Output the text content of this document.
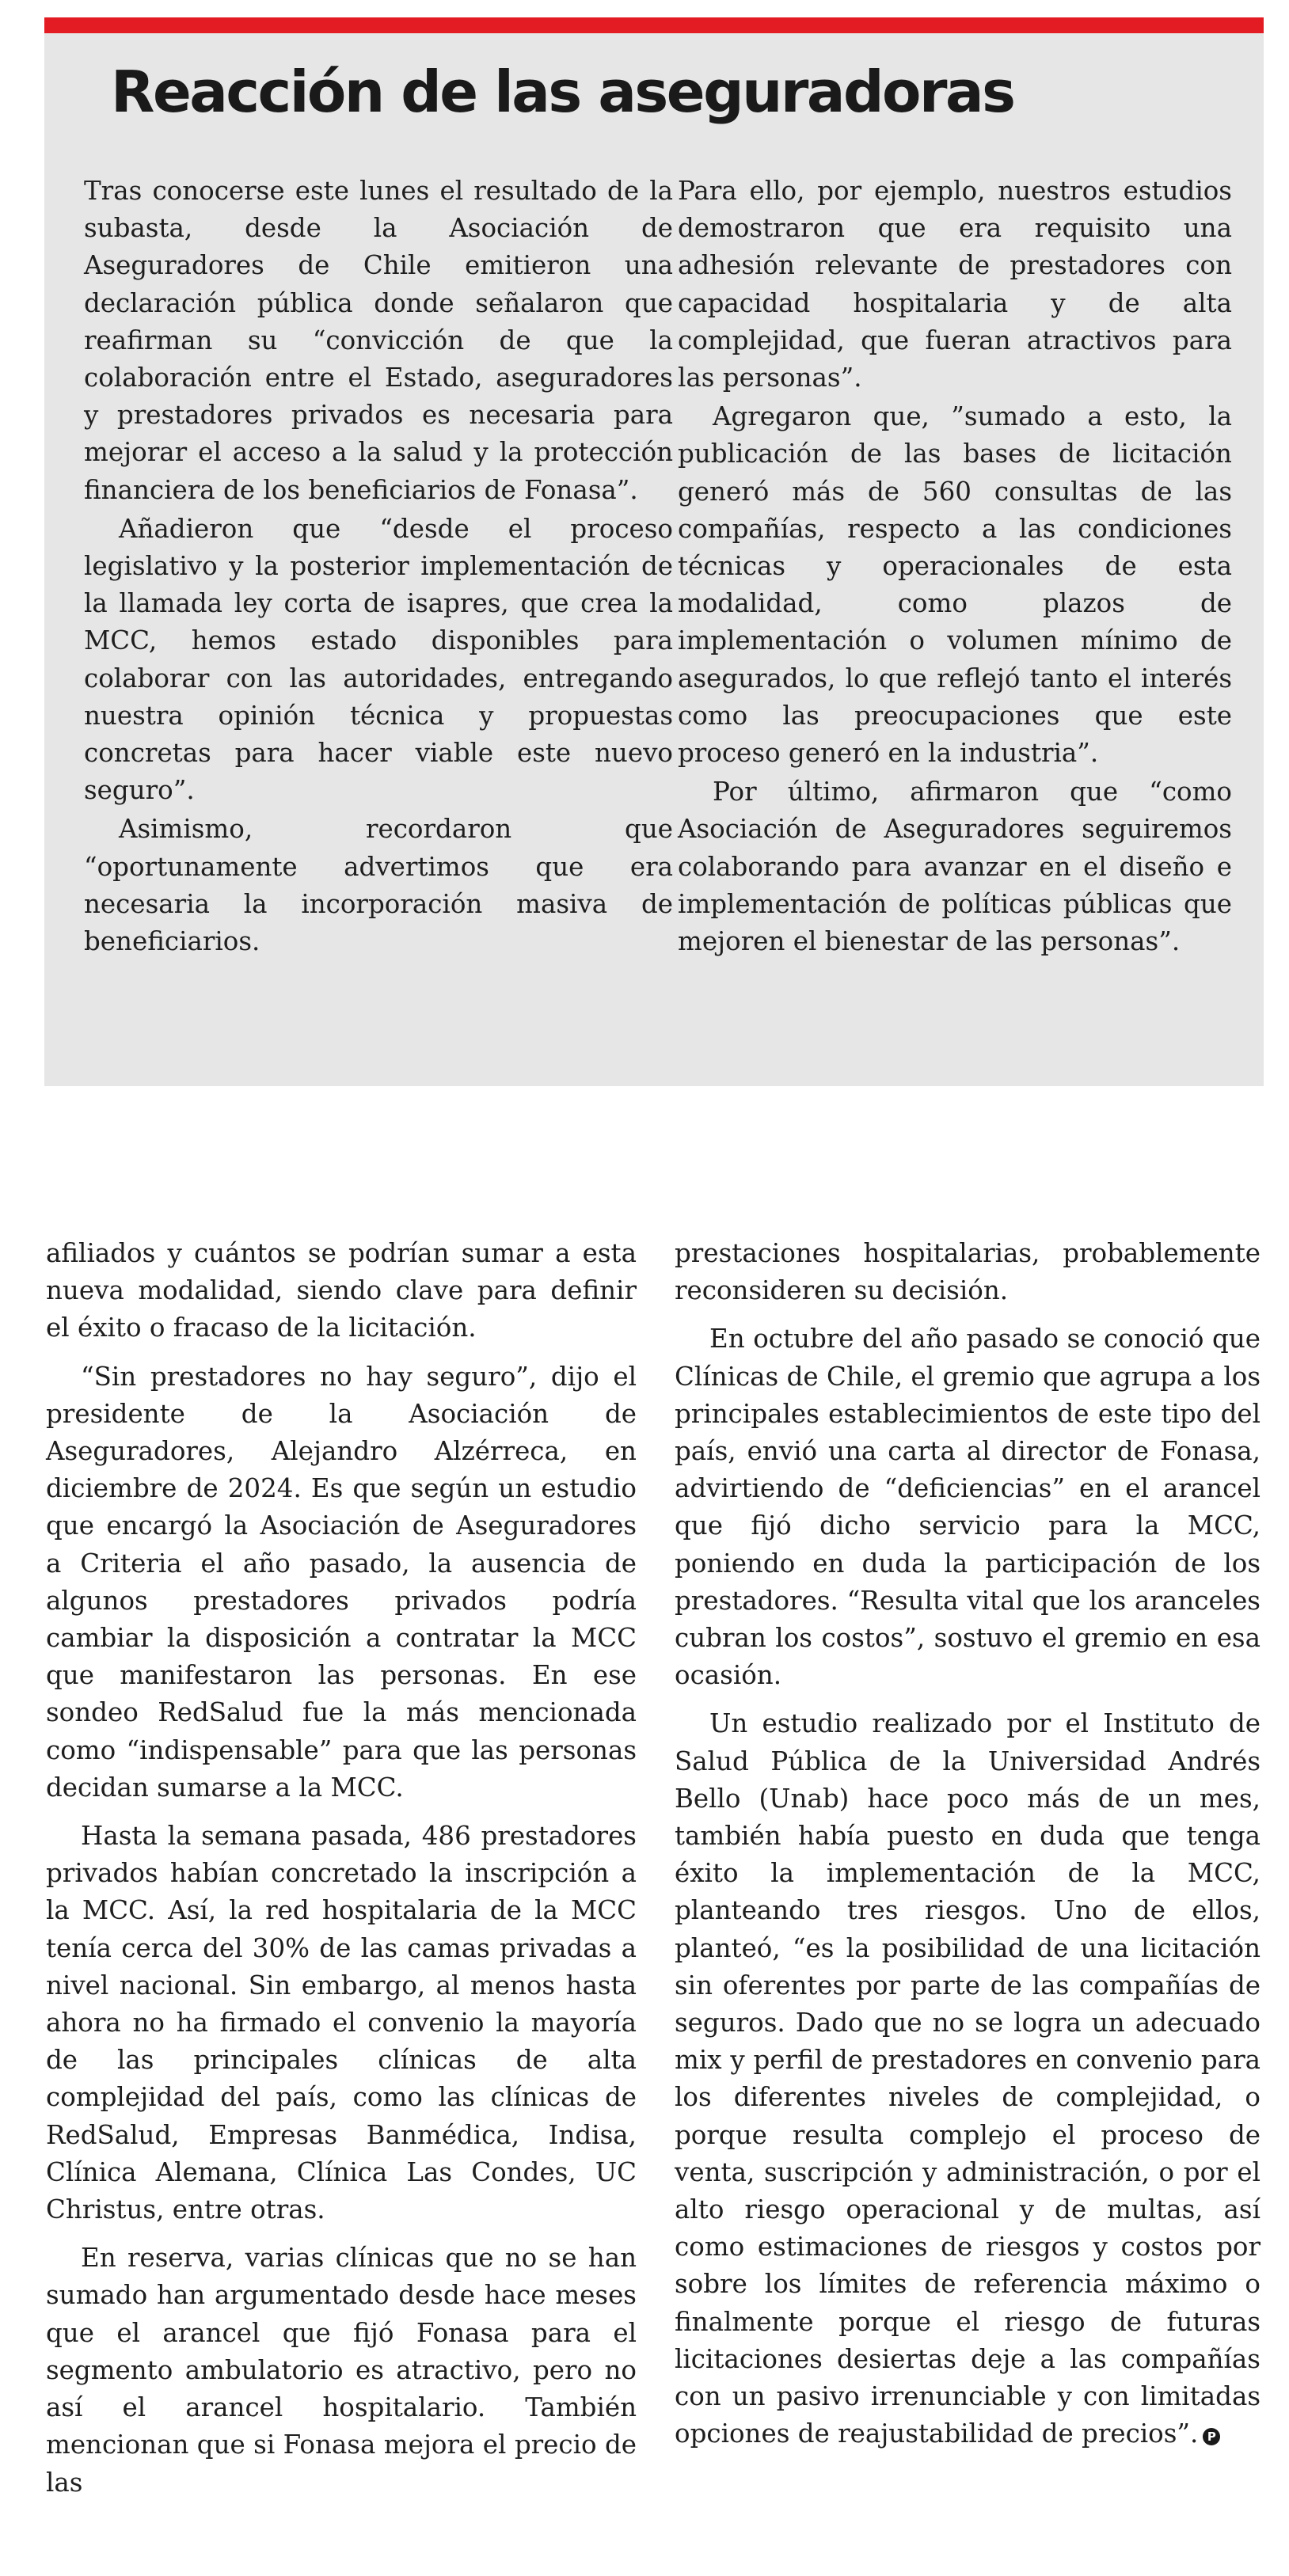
Reacción de las aseguradoras

Tras conocerse este lunes el resultado de la subasta, desde la Asociación de Aseguradores de Chile emitieron una declaración pública donde señalaron que reafirman su “convicción de que la colaboración entre el Estado, aseguradores y prestadores privados es necesaria para mejorar el acceso a la salud y la protección financiera de los beneficiarios de Fonasa”.

Añadieron que “desde el proceso legislativo y la posterior implementación de la llamada ley corta de isapres, que crea la MCC, hemos estado disponibles para colaborar con las autoridades, entregando nuestra opinión técnica y propuestas concretas para hacer viable este nuevo seguro”.

Asimismo, recordaron que “oportunamente advertimos que era necesaria la incorporación masiva de beneficiarios.

Para ello, por ejemplo, nuestros estudios demostraron que era requisito una adhesión relevante de prestadores con capacidad hospitalaria y de alta complejidad, que fueran atractivos para las personas”.

Agregaron que, ”sumado a esto, la publicación de las bases de licitación generó más de 560 consultas de las compañías, respecto a las condiciones técnicas y operacionales de esta modalidad, como plazos de implementación o volumen mínimo de asegurados, lo que reflejó tanto el interés como las preocupaciones que este proceso generó en la industria”.

Por último, afirmaron que “como Asociación de Aseguradores seguiremos colaborando para avanzar en el diseño e implementación de políticas públicas que mejoren el bienestar de las personas”.

afiliados y cuántos se podrían sumar a esta nueva modalidad, siendo clave para definir el éxito o fracaso de la licitación.

“Sin prestadores no hay seguro”, dijo el presidente de la Asociación de Aseguradores, Alejandro Alzérreca, en diciembre de 2024. Es que según un estudio que encargó la Asociación de Aseguradores a Criteria el año pasado, la ausencia de algunos prestadores privados podría cambiar la disposición a contratar la MCC que manifestaron las personas. En ese sondeo RedSalud fue la más mencionada como “indispensable” para que las personas decidan sumarse a la MCC.

Hasta la semana pasada, 486 prestadores privados habían concretado la inscripción a la MCC. Así, la red hospitalaria de la MCC tenía cerca del 30% de las camas privadas a nivel nacional. Sin embargo, al menos hasta ahora no ha firmado el convenio la mayoría de las principales clínicas de alta complejidad del país, como las clínicas de RedSalud, Empresas Banmédica, Indisa, Clínica Alemana, Clínica Las Condes, UC Christus, entre otras.

En reserva, varias clínicas que no se han sumado han argumentado desde hace meses que el arancel que fijó Fonasa para el segmento ambulatorio es atractivo, pero no así el arancel hospitalario. También mencionan que si Fonasa mejora el precio de las

prestaciones hospitalarias, probablemente reconsideren su decisión.

En octubre del año pasado se conoció que Clínicas de Chile, el gremio que agrupa a los principales establecimientos de este tipo del país, envió una carta al director de Fonasa, advirtiendo de “deficiencias” en el arancel que fijó dicho servicio para la MCC, poniendo en duda la participación de los prestadores. “Resulta vital que los aranceles cubran los costos”, sostuvo el gremio en esa ocasión.

Un estudio realizado por el Instituto de Salud Pública de la Universidad Andrés Bello (Unab) hace poco más de un mes, también había puesto en duda que tenga éxito la implementación de la MCC, planteando tres riesgos. Uno de ellos, planteó, “es la posibilidad de una licitación sin oferentes por parte de las compañías de seguros. Dado que no se logra un adecuado mix y perfil de prestadores en convenio para los diferentes niveles de complejidad, o porque resulta complejo el proceso de venta, suscripción y administración, o por el alto riesgo operacional y de multas, así como estimaciones de riesgos y costos por sobre los límites de referencia máximo o finalmente porque el riesgo de futuras licitaciones desiertas deje a las compañías con un pasivo irrenunciable y con limitadas opciones de reajustabilidad de precios”. P
